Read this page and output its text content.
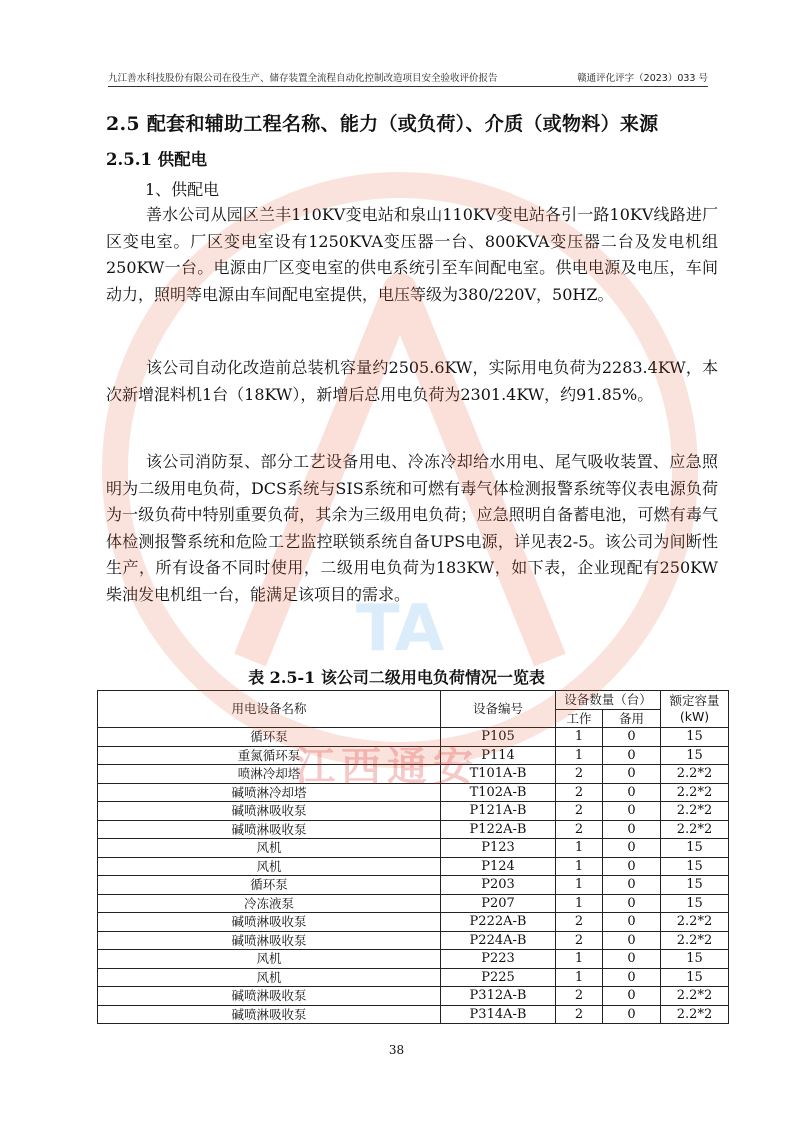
九江善水科技股份有限公司在役生产、储存装置全流程自动化控制改造项目安全验收评价报告	赣通评化评字（2023）033 号
2.5 配套和辅助工程名称、能力（或负荷）、介质（或物料）来源
2.5.1 供配电
1、供配电

善水公司从园区兰丰110KV变电站和泉山110KV变电站各引一路10KV线路进厂区变电室。厂区变电室设有1250KVA变压器一台、800KVA变压器二台及发电机组250KW一台。电源由厂区变电室的供电系统引至车间配电室。供电电源及电压，车间动力，照明等电源由车间配电室提供，电压等级为380/220V，50HZ。

该公司自动化改造前总装机容量约2505.6KW，实际用电负荷为2283.4KW，本次新增混料机1台（18KW），新增后总用电负荷为2301.4KW，约91.85%。

该公司消防泵、部分工艺设备用电、冷冻冷却给水用电、尾气吸收装置、应急照明为二级用电负荷，DCS系统与SIS系统和可燃有毒气体检测报警系统等仪表电源负荷为一级负荷中特别重要负荷，其余为三级用电负荷；应急照明自备蓄电池，可燃有毒气体检测报警系统和危险工艺监控联锁系统自备UPS电源，详见表2-5。该公司为间断性生产，所有设备不同时使用，二级用电负荷为183KW，如下表，企业现配有250KW柴油发电机组一台，能满足该项目的需求。

表 2.5-1 该公司二级用电负荷情况一览表
用电设备名称	设备编号	设备数量（台）		额定容量
(kW)

		工作	备用	
循环泵	P105	1	0	15
重氮循环泵	P114	1	0	15
喷淋冷却塔	T101A-B	2	0	2.2*2
碱喷淋冷却塔	T102A-B	2	0	2.2*2
碱喷淋吸收泵	P121A-B	2	0	2.2*2
碱喷淋吸收泵	P122A-B	2	0	2.2*2
风机	P123	1	0	15
风机	P124	1	0	15
循环泵	P203	1	0	15
冷冻液泵	P207	1	0	15
碱喷淋吸收泵	P222A-B	2	0	2.2*2
碱喷淋吸收泵	P224A-B	2	0	2.2*2
风机	P223	1	0	15
风机	P225	1	0	15
碱喷淋吸收泵	P312A-B	2	0	2.2*2
碱喷淋吸收泵	P314A-B	2	0	2.2*2
38
TA
江西通安
